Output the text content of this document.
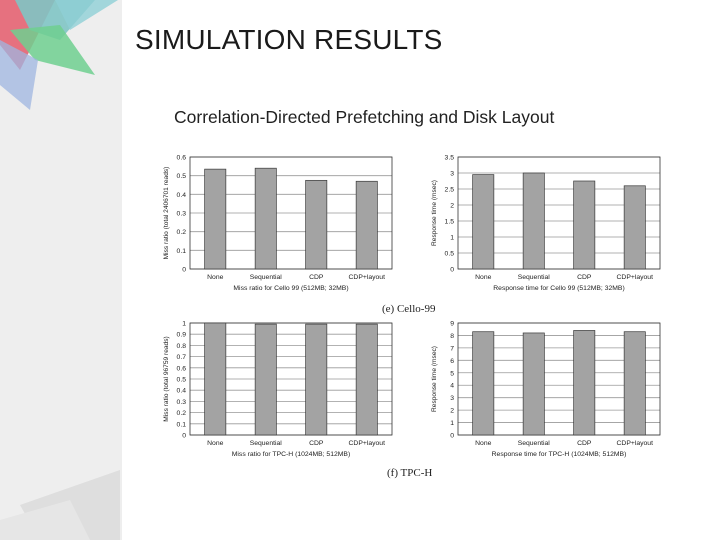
SIMULATION RESULTS
Correlation-Directed Prefetching and Disk Layout
0
0.1
0.2
0.3
0.4
0.5
0.6
None	Sequential	CDP	CDP+layout
Miss ratio for Cello 99 (512MB; 32MB)
Miss ratio (total 2406701 reads)
0
0.5
1
1.5
2
2.5
3
3.5
None	Sequential	CDP	CDP+layout
Response time for Cello 99 (512MB; 32MB)
Response time (msec)
(e) Cello-99
0
0.1
0.2
0.3
0.4
0.5
0.6
0.7
0.8
0.9
1
None	Sequential	CDP	CDP+layout
Miss ratio for TPC-H (1024MB; 512MB)
Miss ratio (total 96759 reads)
0
1
2
3
4
5
6
7
8
9
None	Sequential	CDP	CDP+layout
Response time for TPC-H (1024MB; 512MB)
Response time (msec)
(f) TPC-H
